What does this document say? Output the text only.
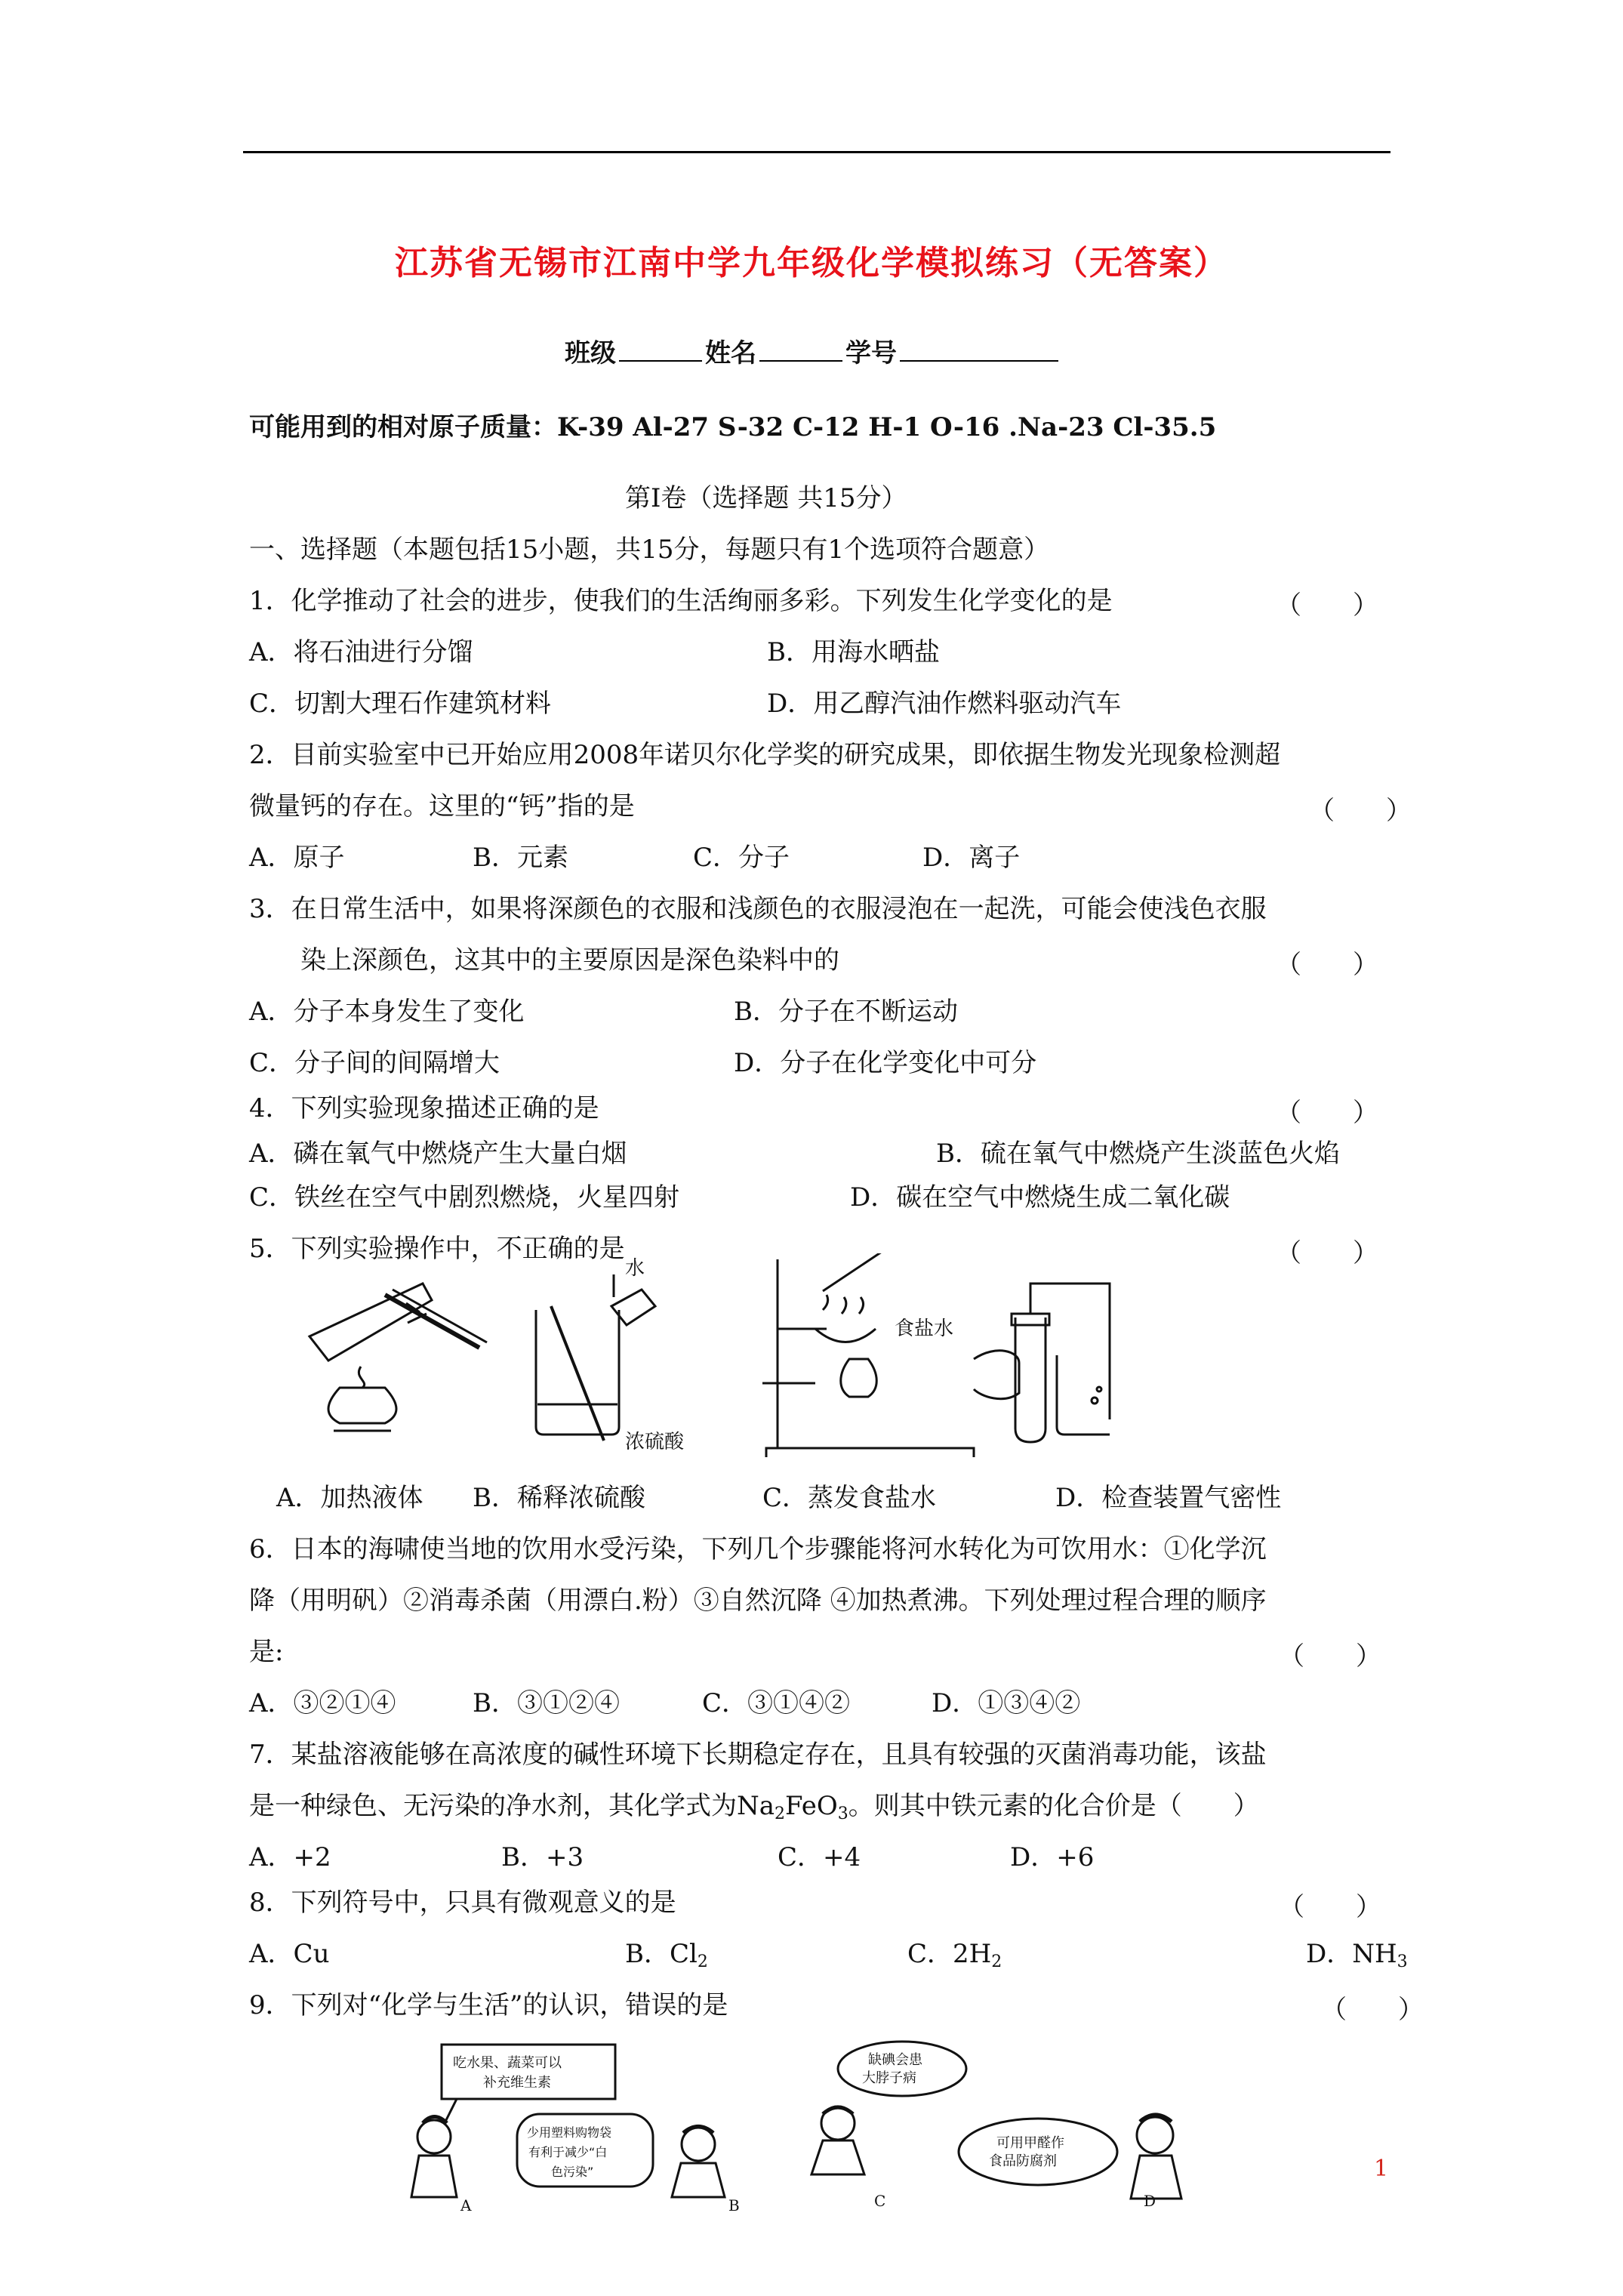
江苏省无锡市江南中学九年级化学模拟练习（无答案）
班级	姓名	学号
可能用到的相对原子质量：K-39 Al-27 S-32 C-12 H-1 O-16 .Na-23 Cl-35.5
第Ⅰ卷（选择题 共15分）
一、选择题（本题包括15小题，共15分，每题只有1个选项符合题意）
1．化学推动了社会的进步，使我们的生活绚丽多彩。下列发生化学变化的是	（　　）
A．将石油进行分馏	B．用海水晒盐
C．切割大理石作建筑材料	D．用乙醇汽油作燃料驱动汽车
2．目前实验室中已开始应用2008年诺贝尔化学奖的研究成果，即依据生物发光现象检测超
微量钙的存在。这里的“钙”指的是	（　　）
A．原子	B．元素	C．分子	D．离子
3．在日常生活中，如果将深颜色的衣服和浅颜色的衣服浸泡在一起洗，可能会使浅色衣服
染上深颜色，这其中的主要原因是深色染料中的	（　　）
A．分子本身发生了变化	B．分子在不断运动
C．分子间的间隔增大	D．分子在化学变化中可分
4．下列实验现象描述正确的是	（　　）
A．磷在氧气中燃烧产生大量白烟	B．硫在氧气中燃烧产生淡蓝色火焰
C．铁丝在空气中剧烈燃烧，火星四射	D．碳在空气中燃烧生成二氧化碳
5．下列实验操作中，不正确的是	（　　）
水
浓硫酸
食盐水
A．加热液体 B．稀释浓硫酸	C．蒸发食盐水	D．检查装置气密性
6．日本的海啸使当地的饮用水受污染，下列几个步骤能将河水转化为可饮用水：①化学沉
降（用明矾）②消毒杀菌（用漂白.粉）③自然沉降 ④加热煮沸。下列处理过程合理的顺序
是:	（　　）
A．③②①④	B．③①②④	C．③①④②	D．①③④②
7．某盐溶液能够在高浓度的碱性环境下长期稳定存在，且具有较强的灭菌消毒功能，该盐
是一种绿色、无污染的净水剂，其化学式为$Na_2FeO_3$。则其中铁元素的化合价是（　　）
A．+2	B．+3	C．+4	D．+6
8．下列符号中，只具有微观意义的是	（　　）
A．Cu	B．$Cl_2$	C．$2H_2$	D．$NH_3$
9．下列对“化学与生活”的认识，错误的是	（　　）
吃水果、蔬菜可以
补充维生素
少用塑料购物袋
有利于减少“白
色污染”
缺碘会患
大脖子病
可用甲醛作
食品防腐剂
A	B	C	D
1
